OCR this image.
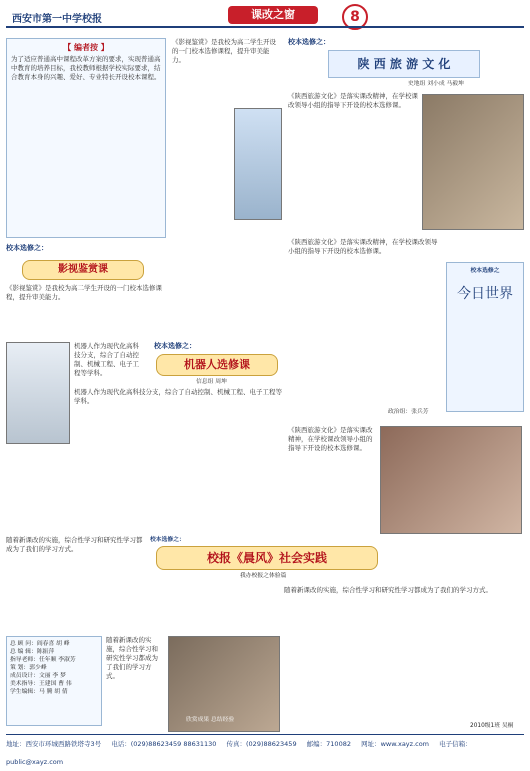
西安市第一中学校报	课改之窗	8
【 编者按 】
为了适应普通高中课程改革方案的要求，实现普通高中教育的培养目标，我校教师根据学校实际要求，结合教育本身的兴趣、爱好、专业特长开设校本课程。
校本选修之：
影视鉴赏课
《影视鉴赏》是我校为高二学生开设的一门校本选修课程，提升审美能力。
《影视鉴赏》是我校为高二学生开设的一门校本选修课程，提升审美能力。
校本选修之：
陕 西 旅 游 文 化
史地组 刘小成 马毅坤
《陕西旅游文化》是落实课改精神，在学校课改领导小组的指导下开设的校本选修课。
校本选修之
今日世界
《陕西旅游文化》是落实课改精神，在学校课改领导小组的指导下开设的校本选修课。
政治组：张兵芳
机器人作为现代化高科技分支，综合了自动控制、机械工程、电子工程等学科。
校本选修之：
机器人选修课
信息组 周坤
机器人作为现代化高科技分支，综合了自动控制、机械工程、电子工程等学科。
《陕西旅游文化》是落实课改精神，在学校课改领导小组的指导下开设的校本选修课。
校本选修之：
校报《晨风》社会实践
我办校报之体验篇
随着新课改的实施，综合性学习和研究性学习都成为了我们的学习方式。
总 顾 问：阎春喜 胡 峰
总 编 辑：陈振萍
指导老师：任年顺 李淑芳
策 划：郭少峰
成员设计：文丽 李 梦
美术指导：王建国 曹 伟
学生编辑：马 腾 胡 倩
欣赏成果 总结经验
随着新课改的实施，综合性学习和研究性学习都成为了我们的学习方式。
随着新课改的实施，综合性学习和研究性学习都成为了我们的学习方式。
2010级1班 吴桐
地址：西安市环城西路铁塔寺3号 电话：(029)88623459 88631130 传真：(029)88623459 邮编：710082 网址：www.xayz.com 电子信箱：public@xayz.com
